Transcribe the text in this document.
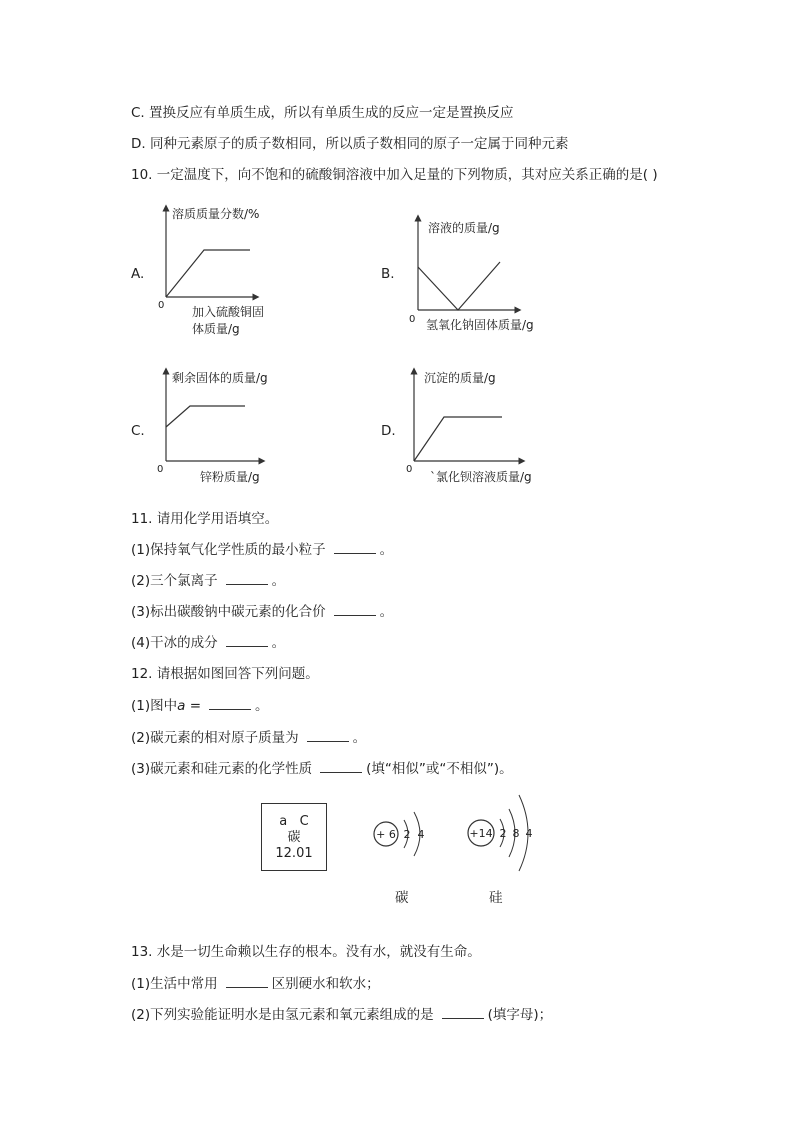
C. 置换反应有单质生成，所以有单质生成的反应一定是置换反应
D. 同种元素原子的质子数相同，所以质子数相同的原子一定属于同种元素
10. 一定温度下，向不饱和的硫酸铜溶液中加入足量的下列物质，其对应关系正确的是( )
A.	B.
C.	D.
溶质质量分数/%
0 加入硫酸铜固
体质量/g
溶液的质量/g
0 氢氧化钠固体质量/g
剩余固体的质量/g
0
锌粉质量/g
沉淀的质量/g
0
`氯化钡溶液质量/g
11. 请用化学用语填空。
(1)保持氧气化学性质的最小粒子	。
(2)三个氯离子	。
(3)标出碳酸钠中碳元素的化合价	。
(4)干冰的成分	。
12. 请根据如图回答下列问题。
(1)图中a =	。
(2)碳元素的相对原子质量为	。
(3)碳元素和硅元素的化学性质	(填“相似”或“不相似”)。
a C
碳
12.01
+ 6 2 4
碳
+14 2 8 4
硅
13. 水是一切生命赖以生存的根本。没有水，就没有生命。
(1)生活中常用	区别硬水和软水；
(2)下列实验能证明水是由氢元素和氧元素组成的是	(填字母)；
